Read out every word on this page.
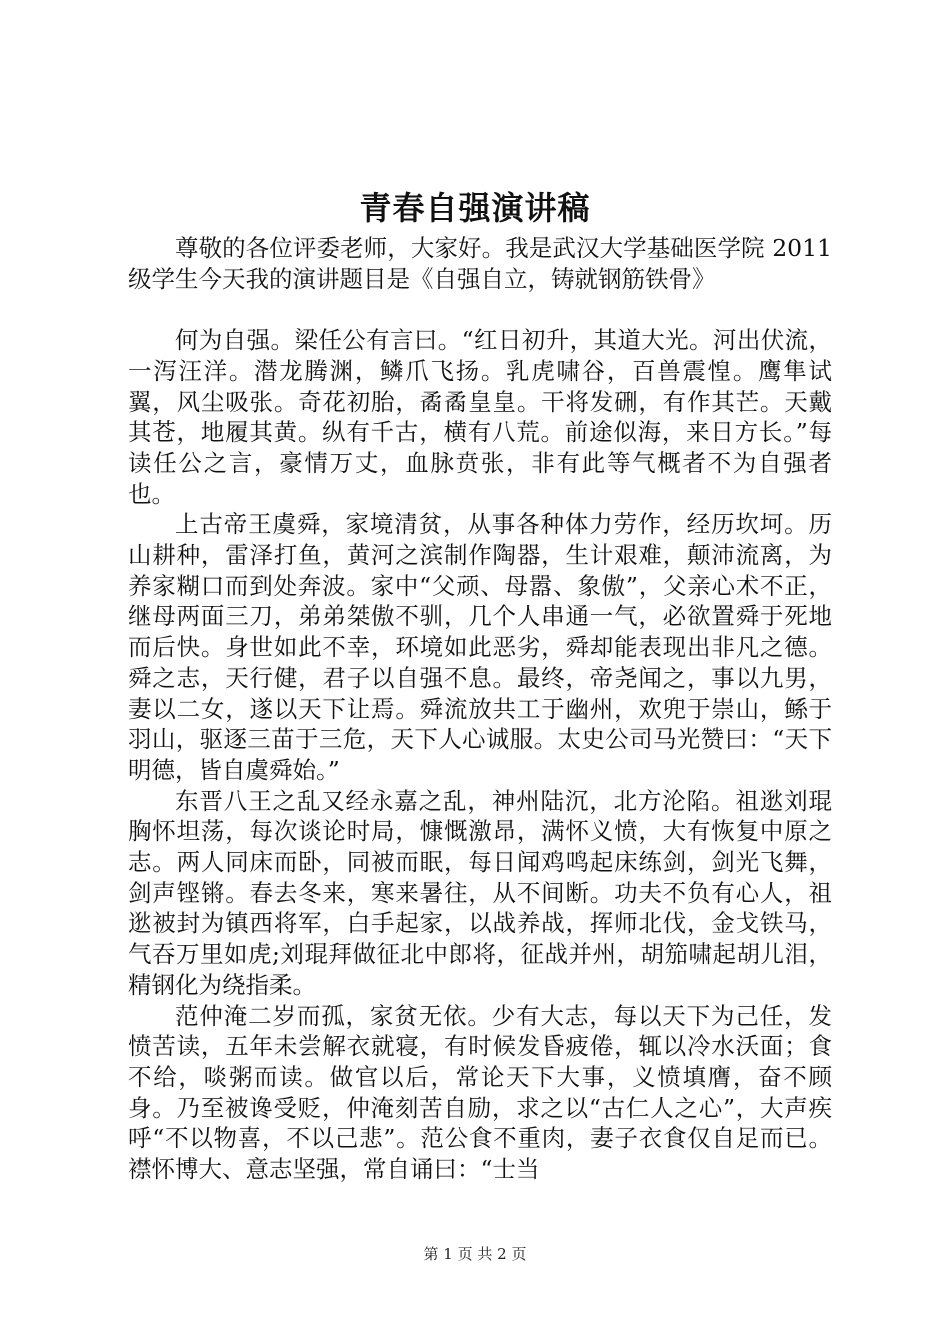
青春自强演讲稿

尊敬的各位评委老师，大家好。我是武汉大学基础医学院 2011 级学生今天我的演讲题目是《自强自立，铸就钢筋铁骨》

何为自强。梁任公有言曰。“红日初升，其道大光。河出伏流，一泻汪洋。潜龙腾渊，鳞爪飞扬。乳虎啸谷，百兽震惶。鹰隼试翼，风尘吸张。奇花初胎，矞矞皇皇。干将发硎，有作其芒。天戴其苍，地履其黄。纵有千古，横有八荒。前途似海，来日方长。”每读任公之言，豪情万丈，血脉贲张，非有此等气概者不为自强者也。

上古帝王虞舜，家境清贫，从事各种体力劳作，经历坎坷。历山耕种，雷泽打鱼，黄河之滨制作陶器，生计艰难，颠沛流离，为养家糊口而到处奔波。家中“父顽、母嚣、象傲”，父亲心术不正，继母两面三刀，弟弟桀傲不驯，几个人串通一气，必欲置舜于死地而后快。身世如此不幸，环境如此恶劣，舜却能表现出非凡之德。舜之志，天行健，君子以自强不息。最终，帝尧闻之，事以九男，妻以二女，遂以天下让焉。舜流放共工于幽州，欢兜于崇山，鲧于羽山，驱逐三苗于三危，天下人心诚服。太史公司马光赞曰：“天下明德，皆自虞舜始。”

东晋八王之乱又经永嘉之乱，神州陆沉，北方沦陷。祖逖刘琨胸怀坦荡，每次谈论时局，慷慨激昂，满怀义愤，大有恢复中原之志。两人同床而卧，同被而眠，每日闻鸡鸣起床练剑，剑光飞舞，剑声铿锵。春去冬来，寒来暑往，从不间断。功夫不负有心人，祖逖被封为镇西将军，白手起家，以战养战，挥师北伐，金戈铁马，气吞万里如虎;刘琨拜做征北中郎将，征战并州，胡笳啸起胡儿泪，精钢化为绕指柔。

范仲淹二岁而孤，家贫无依。少有大志，每以天下为己任，发愤苦读，五年未尝解衣就寝，有时候发昏疲倦，辄以冷水沃面；食不给，啖粥而读。做官以后，常论天下大事，义愤填膺，奋不顾身。乃至被谗受贬，仲淹刻苦自励，求之以“古仁人之心”，大声疾呼“不以物喜，不以己悲”。范公食不重肉，妻子衣食仅自足而已。襟怀博大、意志坚强，常自诵曰：“士当

第 1 页 共 2 页
